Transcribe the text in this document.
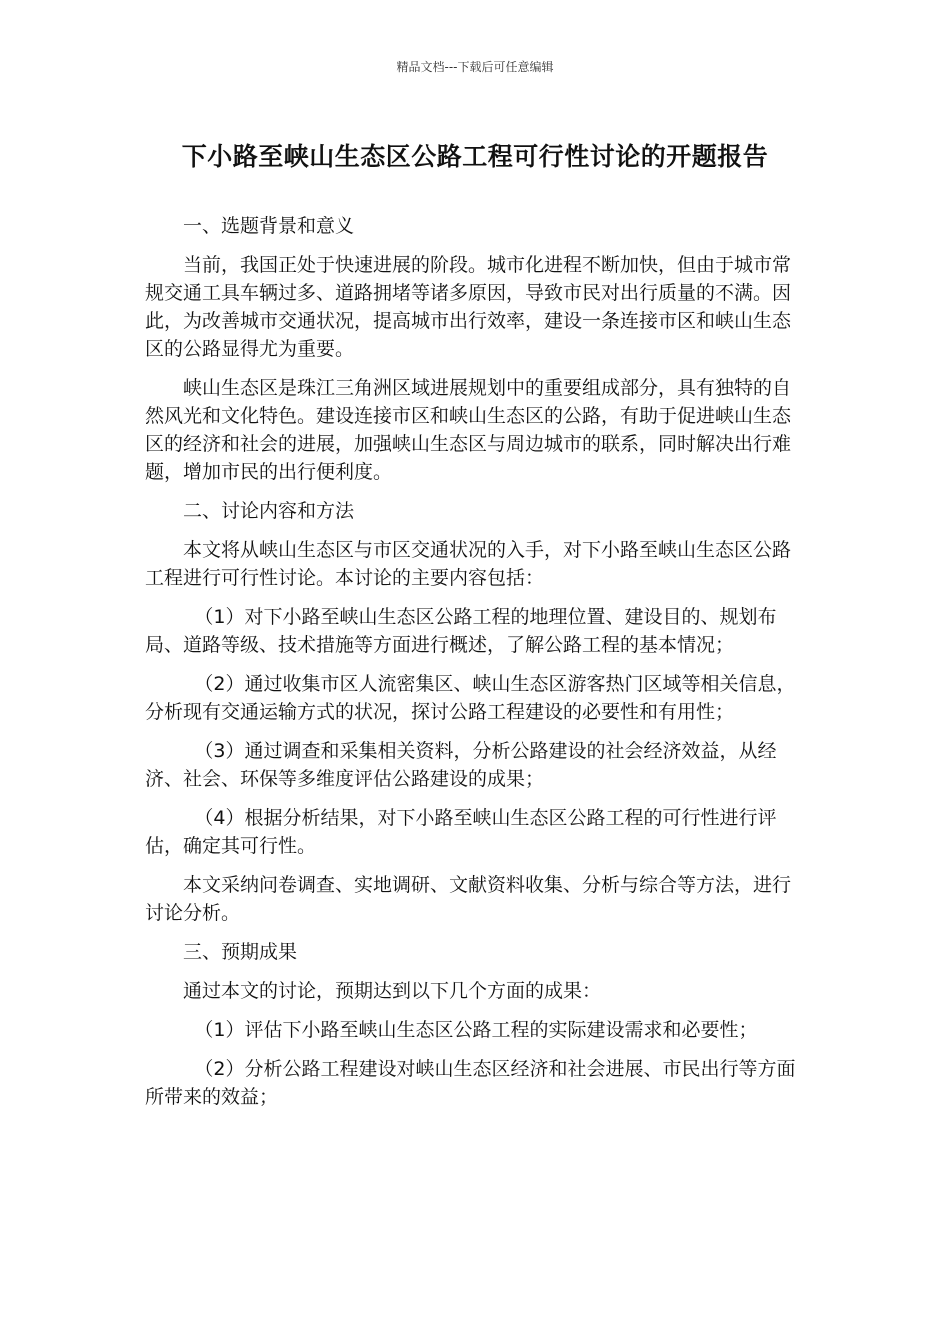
精品文档---下载后可任意编辑
下小路至峡山生态区公路工程可行性讨论的开题报告

一、选题背景和意义

当前，我国正处于快速进展的阶段。城市化进程不断加快，但由于城市常规交通工具车辆过多、道路拥堵等诸多原因，导致市民对出行质量的不满。因此，为改善城市交通状况，提高城市出行效率，建设一条连接市区和峡山生态区的公路显得尤为重要。

峡山生态区是珠江三角洲区域进展规划中的重要组成部分，具有独特的自然风光和文化特色。建设连接市区和峡山生态区的公路，有助于促进峡山生态区的经济和社会的进展，加强峡山生态区与周边城市的联系，同时解决出行难题，增加市民的出行便利度。

二、讨论内容和方法

本文将从峡山生态区与市区交通状况的入手，对下小路至峡山生态区公路工程进行可行性讨论。本讨论的主要内容包括：

（1）对下小路至峡山生态区公路工程的地理位置、建设目的、规划布局、道路等级、技术措施等方面进行概述，了解公路工程的基本情况；

（2）通过收集市区人流密集区、峡山生态区游客热门区域等相关信息，分析现有交通运输方式的状况，探讨公路工程建设的必要性和有用性；

（3）通过调查和采集相关资料，分析公路建设的社会经济效益，从经济、社会、环保等多维度评估公路建设的成果；

（4）根据分析结果，对下小路至峡山生态区公路工程的可行性进行评估，确定其可行性。

本文采纳问卷调查、实地调研、文献资料收集、分析与综合等方法，进行讨论分析。

三、预期成果

通过本文的讨论，预期达到以下几个方面的成果：

（1）评估下小路至峡山生态区公路工程的实际建设需求和必要性；

（2）分析公路工程建设对峡山生态区经济和社会进展、市民出行等方面所带来的效益；
